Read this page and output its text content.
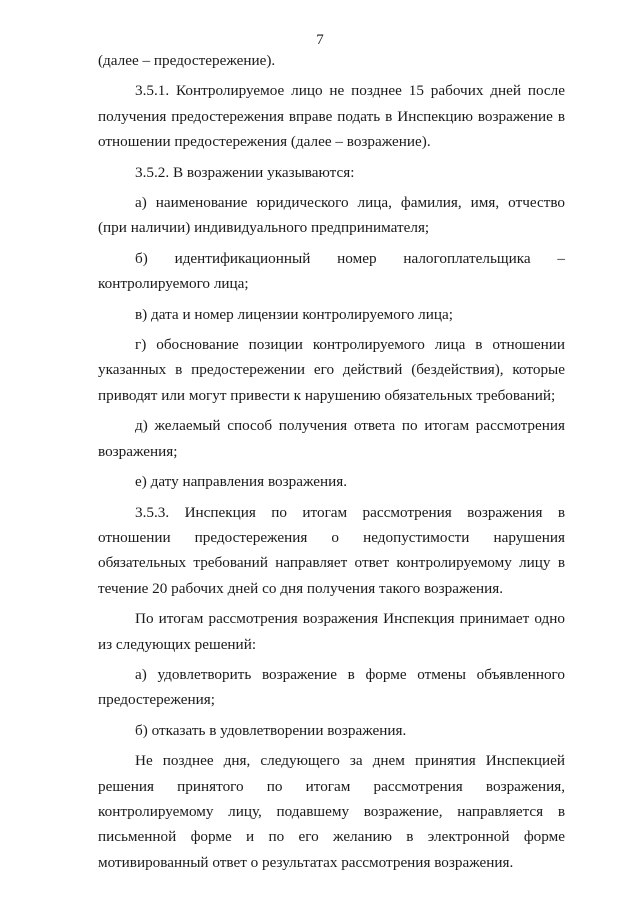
7

(далее – предостережение).

3.5.1. Контролируемое лицо не позднее 15 рабочих дней после получения предостережения вправе подать в Инспекцию возражение в отношении предостережения (далее – возражение).

3.5.2. В возражении указываются:

а) наименование юридического лица, фамилия, имя, отчество (при наличии) индивидуального предпринимателя;

б) идентификационный номер налогоплательщика –

контролируемого лица;

в) дата и номер лицензии контролируемого лица;

г) обоснование позиции контролируемого лица в отношении указанных в предостережении его действий (бездействия), которые приводят или могут привести к нарушению обязательных требований;

д) желаемый способ получения ответа по итогам рассмотрения возражения;

е) дату направления возражения.

3.5.3. Инспекция по итогам рассмотрения возражения в отношении предостережения о недопустимости нарушения обязательных требований направляет ответ контролируемому лицу в течение 20 рабочих дней со дня получения такого возражения.

По итогам рассмотрения возражения Инспекция принимает одно из следующих решений:

а) удовлетворить возражение в форме отмены объявленного предостережения;

б) отказать в удовлетворении возражения.

Не позднее дня, следующего за днем принятия Инспекцией решения принятого по итогам рассмотрения возражения, контролируемому лицу, подавшему возражение, направляется в письменной форме и по его желанию в электронной форме мотивированный ответ о результатах рассмотрения возражения.
